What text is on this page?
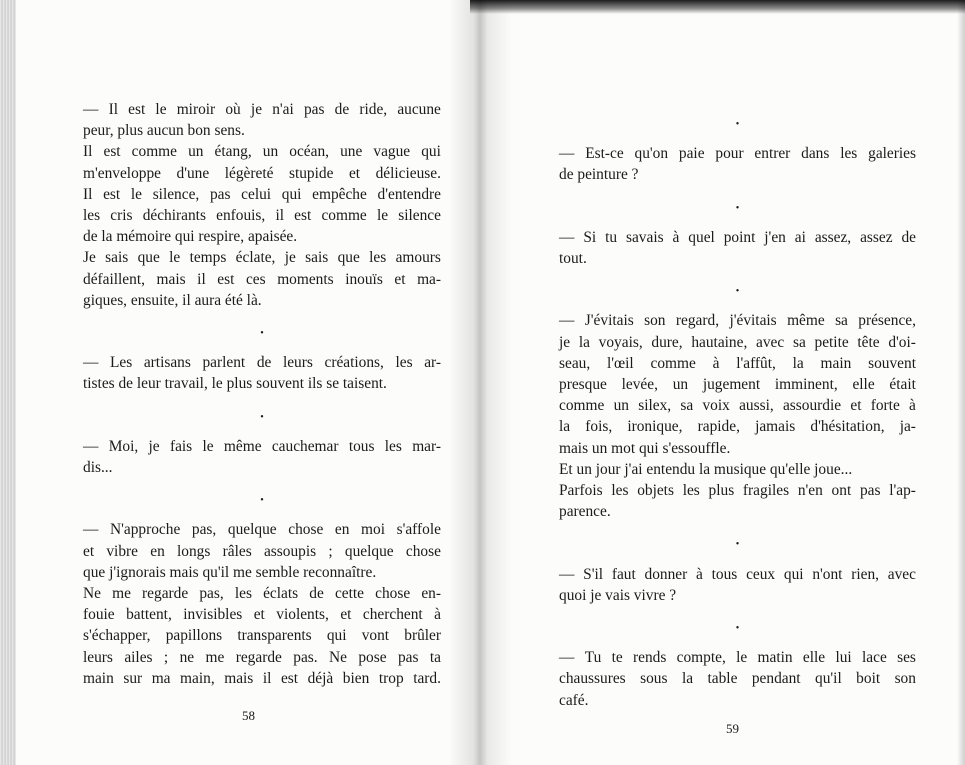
— Il est le miroir où je n'ai pas de ride, aucune
peur, plus aucun bon sens.
Il est comme un étang, un océan, une vague qui
m'enveloppe d'une légèreté stupide et délicieuse.
Il est le silence, pas celui qui empêche d'entendre
les cris déchirants enfouis, il est comme le silence
de la mémoire qui respire, apaisée.
Je sais que le temps éclate, je sais que les amours
défaillent, mais il est ces moments inouïs et ma-
giques, ensuite, il aura été là.
•
— Les artisans parlent de leurs créations, les ar-
tistes de leur travail, le plus souvent ils se taisent.
•
— Moi, je fais le même cauchemar tous les mar-
dis...
•
— N'approche pas, quelque chose en moi s'affole
et vibre en longs râles assoupis ; quelque chose
que j'ignorais mais qu'il me semble reconnaître.
Ne me regarde pas, les éclats de cette chose en-
fouie battent, invisibles et violents, et cherchent à
s'échapper, papillons transparents qui vont brûler
leurs ailes ; ne me regarde pas. Ne pose pas ta
main sur ma main, mais il est déjà bien trop tard.
58
•
— Est-ce qu'on paie pour entrer dans les galeries
de peinture ?
•
— Si tu savais à quel point j'en ai assez, assez de
tout.
•
— J'évitais son regard, j'évitais même sa présence,
je la voyais, dure, hautaine, avec sa petite tête d'oi-
seau, l'œil comme à l'affût, la main souvent
presque levée, un jugement imminent, elle était
comme un silex, sa voix aussi, assourdie et forte à
la fois, ironique, rapide, jamais d'hésitation, ja-
mais un mot qui s'essouffle.
Et un jour j'ai entendu la musique qu'elle joue...
Parfois les objets les plus fragiles n'en ont pas l'ap-
parence.
•
— S'il faut donner à tous ceux qui n'ont rien, avec
quoi je vais vivre ?
•
— Tu te rends compte, le matin elle lui lace ses
chaussures sous la table pendant qu'il boit son
café.
59
